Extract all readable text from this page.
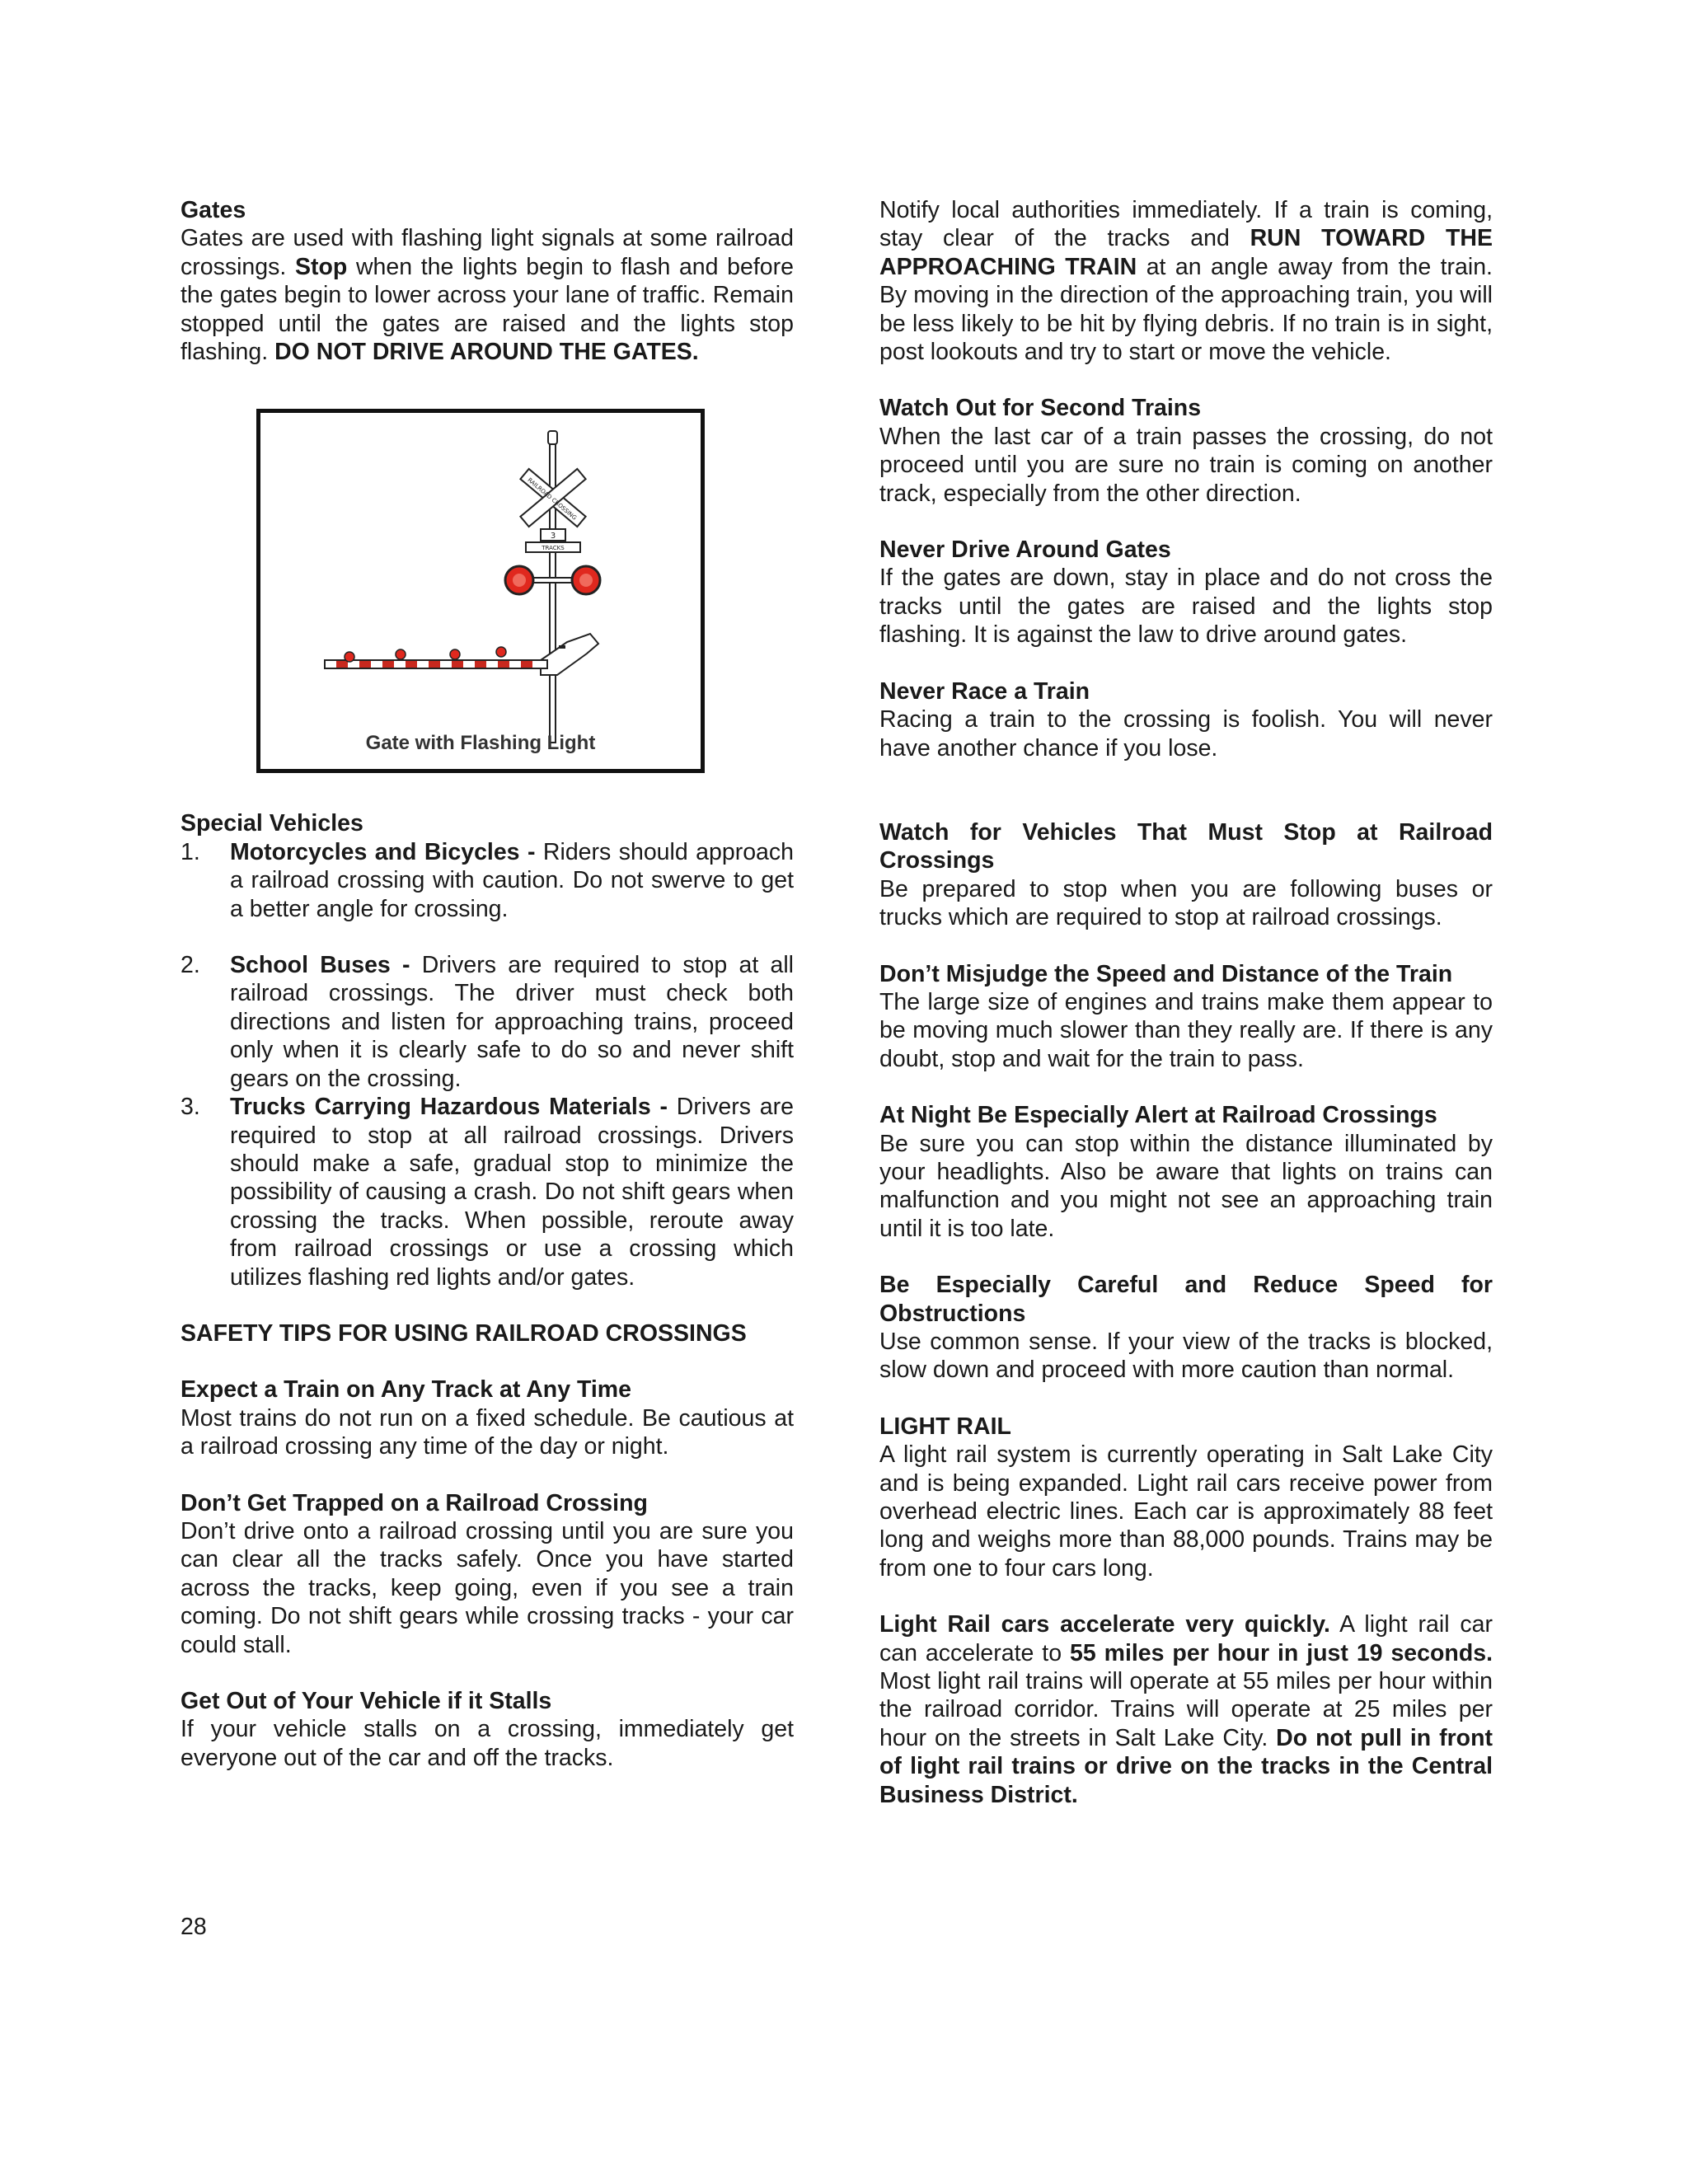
Gates

Gates are used with flashing light signals at some railroad crossings. Stop when the lights begin to flash and before the gates begin to lower across your lane of traffic. Remain stopped until the gates are raised and the lights stop flashing. DO NOT DRIVE AROUND THE GATES.

RAILROAD CROSSING
3
TRACKS
Gate with Flashing Light
Special Vehicles
1. Motorcycles and Bicycles - Riders should approach a railroad crossing with caution. Do not swerve to get a better angle for crossing.
2. School Buses - Drivers are required to stop at all railroad crossings. The driver must check both directions and listen for approaching trains, proceed only when it is clearly safe to do so and never shift gears on the crossing.
3. Trucks Carrying Hazardous Materials - Drivers are required to stop at all railroad crossings. Drivers should make a safe, gradual stop to minimize the possibility of causing a crash. Do not shift gears when crossing the tracks. When possible, reroute away from railroad crossings or use a crossing which utilizes flashing red lights and/or gates.
SAFETY TIPS FOR USING RAILROAD CROSSINGS
Expect a Train on Any Track at Any Time

Most trains do not run on a fixed schedule. Be cautious at a railroad crossing any time of the day or night.

Don’t Get Trapped on a Railroad Crossing

Don’t drive onto a railroad crossing until you are sure you can clear all the tracks safely. Once you have started across the tracks, keep going, even if you see a train coming. Do not shift gears while crossing tracks - your car could stall.

Get Out of Your Vehicle if it Stalls

If your vehicle stalls on a crossing, immediately get everyone out of the car and off the tracks.

Notify local authorities immediately. If a train is coming, stay clear of the tracks and RUN TOWARD THE APPROACHING TRAIN at an angle away from the train. By moving in the direction of the approaching train, you will be less likely to be hit by flying debris. If no train is in sight, post lookouts and try to start or move the vehicle.

Watch Out for Second Trains

When the last car of a train passes the crossing, do not proceed until you are sure no train is coming on another track, especially from the other direction.

Never Drive Around Gates

If the gates are down, stay in place and do not cross the tracks until the gates are raised and the lights stop flashing. It is against the law to drive around gates.

Never Race a Train

Racing a train to the crossing is foolish. You will never have another chance if you lose.

Watch for Vehicles That Must Stop at Railroad Crossings

Be prepared to stop when you are following buses or trucks which are required to stop at railroad crossings.

Don’t Misjudge the Speed and Distance of the Train

The large size of engines and trains make them appear to be moving much slower than they really are. If there is any doubt, stop and wait for the train to pass.

At Night Be Especially Alert at Railroad Crossings

Be sure you can stop within the distance illuminated by your headlights. Also be aware that lights on trains can malfunction and you might not see an approaching train until it is too late.

Be Especially Careful and Reduce Speed for Obstructions

Use common sense. If your view of the tracks is blocked, slow down and proceed with more caution than normal.

LIGHT RAIL

A light rail system is currently operating in Salt Lake City and is being expanded. Light rail cars receive power from overhead electric lines. Each car is approximately 88 feet long and weighs more than 88,000 pounds. Trains may be from one to four cars long.

Light Rail cars accelerate very quickly. A light rail car can accelerate to 55 miles per hour in just 19 seconds. Most light rail trains will operate at 55 miles per hour within the railroad corridor. Trains will operate at 25 miles per hour on the streets in Salt Lake City. Do not pull in front of light rail trains or drive on the tracks in the Central Business District.

28
